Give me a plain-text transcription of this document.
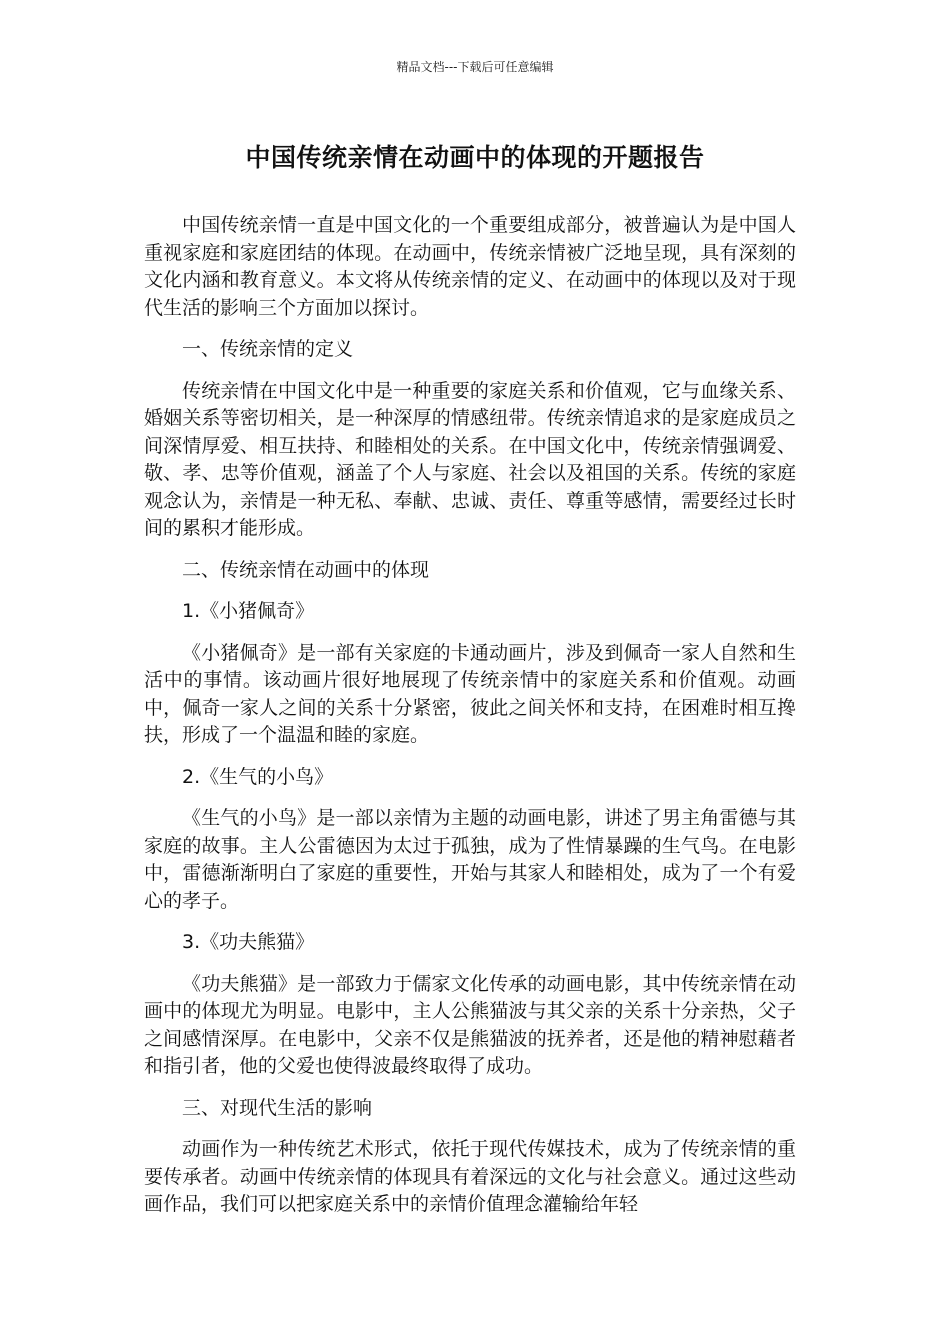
精品文档---下载后可任意编辑
中国传统亲情在动画中的体现的开题报告

中国传统亲情一直是中国文化的一个重要组成部分，被普遍认为是中国人重视家庭和家庭团结的体现。在动画中，传统亲情被广泛地呈现，具有深刻的文化内涵和教育意义。本文将从传统亲情的定义、在动画中的体现以及对于现代生活的影响三个方面加以探讨。

一、传统亲情的定义

传统亲情在中国文化中是一种重要的家庭关系和价值观，它与血缘关系、婚姻关系等密切相关，是一种深厚的情感纽带。传统亲情追求的是家庭成员之间深情厚爱、相互扶持、和睦相处的关系。在中国文化中，传统亲情强调爱、敬、孝、忠等价值观，涵盖了个人与家庭、社会以及祖国的关系。传统的家庭观念认为，亲情是一种无私、奉献、忠诚、责任、尊重等感情，需要经过长时间的累积才能形成。

二、传统亲情在动画中的体现

1.《小猪佩奇》

《小猪佩奇》是一部有关家庭的卡通动画片，涉及到佩奇一家人自然和生活中的事情。该动画片很好地展现了传统亲情中的家庭关系和价值观。动画中，佩奇一家人之间的关系十分紧密，彼此之间关怀和支持，在困难时相互搀扶，形成了一个温温和睦的家庭。

2.《生气的小鸟》

《生气的小鸟》是一部以亲情为主题的动画电影，讲述了男主角雷德与其家庭的故事。主人公雷德因为太过于孤独，成为了性情暴躁的生气鸟。在电影中，雷德渐渐明白了家庭的重要性，开始与其家人和睦相处，成为了一个有爱心的孝子。

3.《功夫熊猫》

《功夫熊猫》是一部致力于儒家文化传承的动画电影，其中传统亲情在动画中的体现尤为明显。电影中，主人公熊猫波与其父亲的关系十分亲热，父子之间感情深厚。在电影中，父亲不仅是熊猫波的抚养者，还是他的精神慰藉者和指引者，他的父爱也使得波最终取得了成功。

三、对现代生活的影响

动画作为一种传统艺术形式，依托于现代传媒技术，成为了传统亲情的重要传承者。动画中传统亲情的体现具有着深远的文化与社会意义。通过这些动画作品，我们可以把家庭关系中的亲情价值理念灌输给年轻
